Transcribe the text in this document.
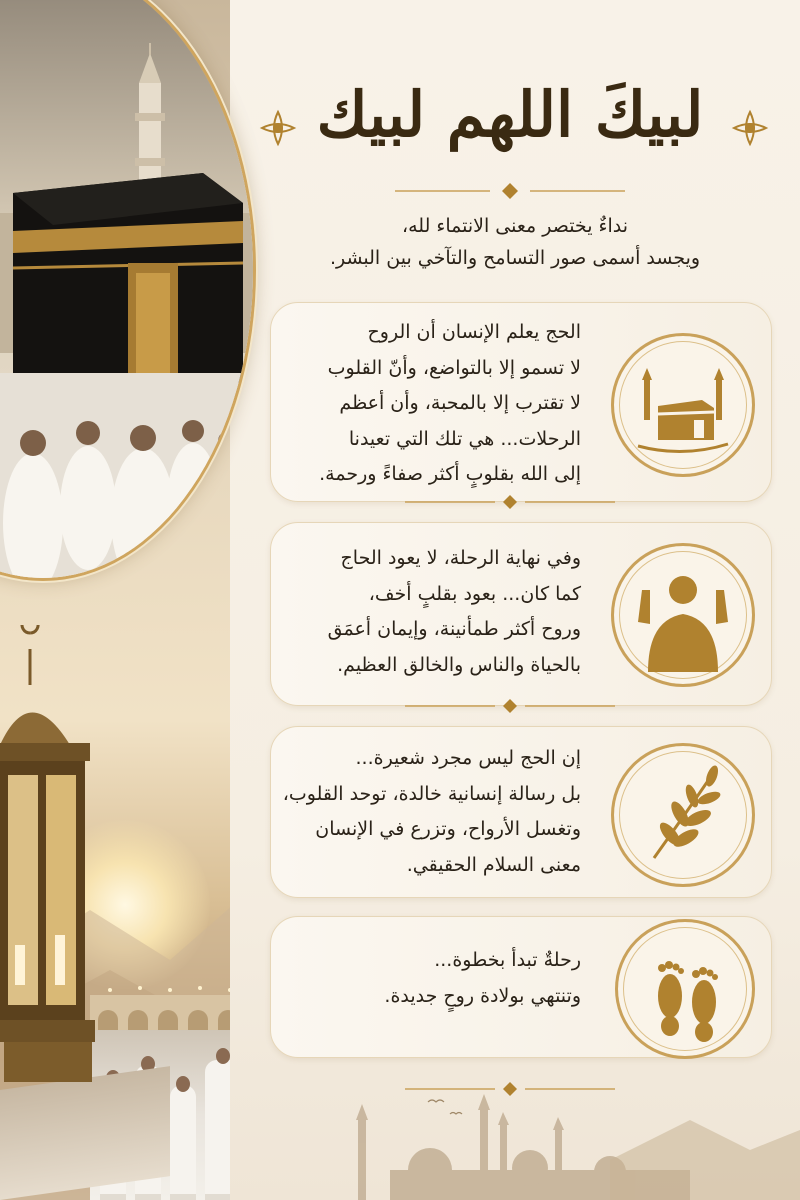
لبيكَ اللهم لبيك
نداءٌ يختصر معنى الانتماء لله،
ويجسد أسمى صور التسامح والتآخي بين البشر.
الحج يعلم الإنسان أن الروح
لا تسمو إلا بالتواضع، وأنّ القلوب
لا تقترب إلا بالمحبة، وأن أعظم
الرحلات... هي تلك التي تعيدنا
إلى الله بقلوبٍ أكثر صفاءً ورحمة.
وفي نهاية الرحلة، لا يعود الحاج
كما كان... بعود بقلبٍ أخف،
وروح أكثر طمأنينة، وإيمان أعمَق
بالحياة والناس والخالق العظيم.
إن الحج ليس مجرد شعيرة...
بل رسالة إنسانية خالدة، توحد القلوب،
وتغسل الأرواح، وتزرع في الإنسان
معنى السلام الحقيقي.
رحلةٌ تبدأ بخطوة...
وتنتهي بولادة روحٍ جديدة.
